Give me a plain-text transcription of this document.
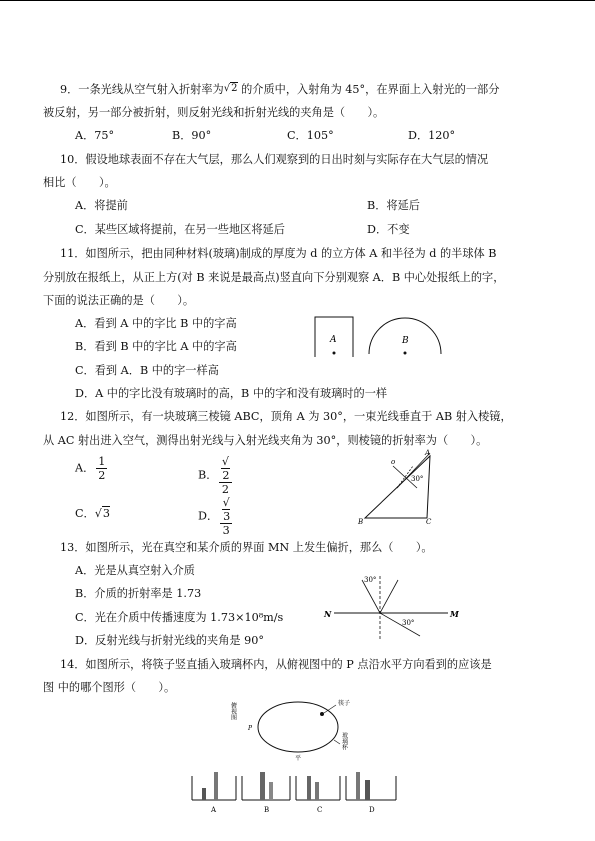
9．一条光线从空气射入折射率为√2 的介质中，入射角为 45°，在界面上入射光的一部分
被反射，另一部分被折射，则反射光线和折射光线的夹角是（　　）。
A．75°	B．90°	C．105°	D．120°
10．假设地球表面不存在大气层，那么人们观察到的日出时刻与实际存在大气层的情况
相比（　　）。
A．将提前	B．将延后
C．某些区域将提前，在另一些地区将延后	D．不变
11．如图所示，把由同种材料(玻璃)制成的厚度为 d 的立方体 A 和半径为 d 的半球体 B
分别放在报纸上，从正上方(对 B 来说是最高点)竖直向下分别观察 A．B 中心处报纸上的字，
下面的说法正确的是（　　）。
A．看到 A 中的字比 B 中的字高
B．看到 B 中的字比 A 中的字高
C．看到 A．B 中的字一样高
D．A 中的字比没有玻璃时的高，B 中的字和没有玻璃时的一样
A	B
12．如图所示，有一块玻璃三棱镜 ABC，顶角 A 为 30°，一束光线垂直于 AB 射入棱镜，
从 AC 射出进入空气，测得出射光线与入射光线夹角为 30°，则棱镜的折射率为（　　）。
A． $\frac{1}{2}$	B． √
2
2
C．√3	D． √
3
3
A
B	C
o
30°
13．如图所示，光在真空和某介质的界面 MN 上发生偏折，那么（　　）。
A．光是从真空射入介质
B．介质的折射率是 1.73
C．光在介质中传播速度为 1.73×10⁸m/s
D．反射光线与折射光线的夹角是 90°
N	M
30°
30°
14．如图所示，将筷子竖直插入玻璃杯内，从俯视图中的 P 点沿水平方向看到的应该是
图 中的哪个图形（　　）。
俯视图
P
筷子
玻璃杯
平
A	B	C	D
